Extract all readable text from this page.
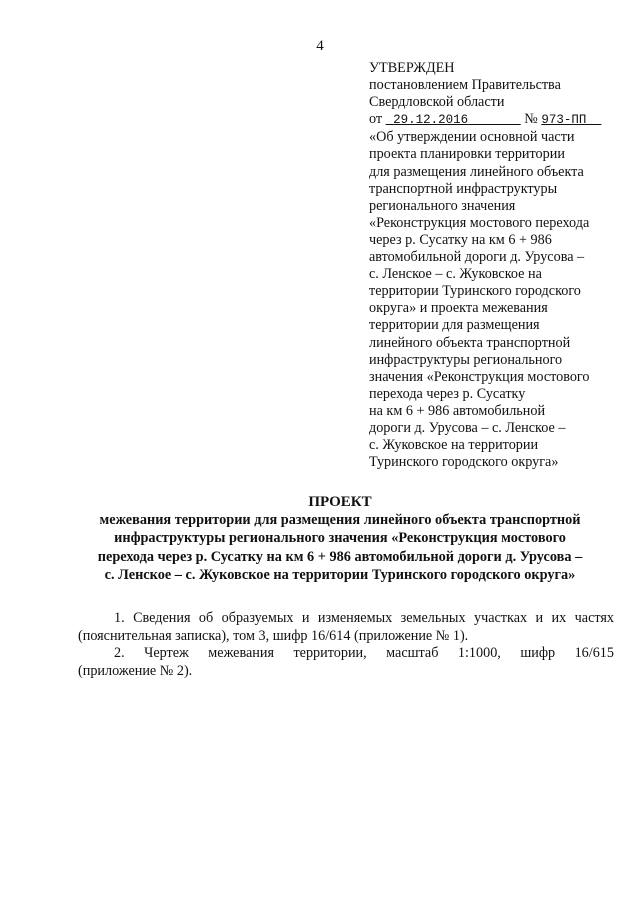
4
УТВЕРЖДЕН
постановлением Правительства
Свердловской области
от 29.12.2016	№ 973-ПП
«Об утверждении основной части
проекта планировки территории
для размещения линейного объекта
транспортной инфраструктуры
регионального значения
«Реконструкция мостового перехода
через р. Сусатку на км 6 + 986
автомобильной дороги д. Урусова –
с. Ленское – с. Жуковское на
территории Туринского городского
округа» и проекта межевания
территории для размещения
линейного объекта транспортной
инфраструктуры регионального
значения «Реконструкция мостового
перехода через р. Сусатку
на км 6 + 986 автомобильной
дороги д. Урусова – с. Ленское –
с. Жуковское на территории
Туринского городского округа»
ПРОЕКТ
межевания территории для размещения линейного объекта транспортной
инфраструктуры регионального значения «Реконструкция мостового
перехода через р. Сусатку на км 6 + 986 автомобильной дороги д. Урусова –
с. Ленское – с. Жуковское на территории Туринского городского округа»
1. Сведения об образуемых и изменяемых земельных участках и их частях
(пояснительная записка), том 3, шифр 16/614 (приложение № 1).
2. Чертеж межевания территории, масштаб 1:1000, шифр 16/615
(приложение № 2).
